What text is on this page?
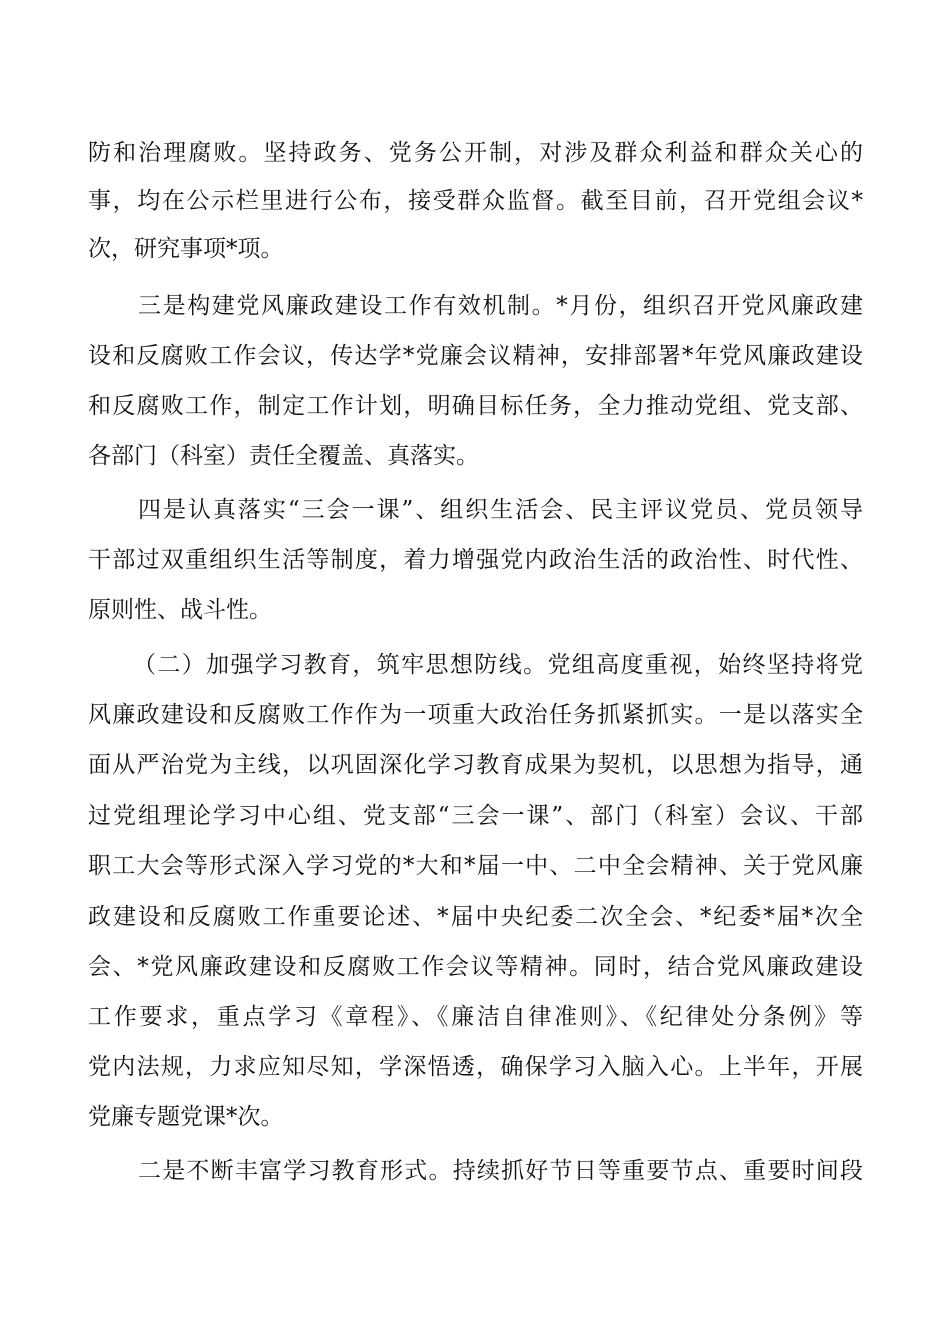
防和治理腐败。坚持政务、党务公开制，对涉及群众利益和群众关心的
事，均在公示栏里进行公布，接受群众监督。截至目前，召开党组会议*
次，研究事项*项。
三是构建党风廉政建设工作有效机制。*月份，组织召开党风廉政建
设和反腐败工作会议，传达学*党廉会议精神，安排部署*年党风廉政建设
和反腐败工作，制定工作计划，明确目标任务，全力推动党组、党支部、
各部门（科室）责任全覆盖、真落实。
四是认真落实“三会一课”、组织生活会、民主评议党员、党员领导
干部过双重组织生活等制度，着力增强党内政治生活的政治性、时代性、
原则性、战斗性。
（二）加强学习教育，筑牢思想防线。党组高度重视，始终坚持将党
风廉政建设和反腐败工作作为一项重大政治任务抓紧抓实。一是以落实全
面从严治党为主线，以巩固深化学习教育成果为契机，以思想为指导，通
过党组理论学习中心组、党支部“三会一课”、部门（科室）会议、干部
职工大会等形式深入学习党的*大和*届一中、二中全会精神、关于党风廉
政建设和反腐败工作重要论述、*届中央纪委二次全会、*纪委*届*次全
会、*党风廉政建设和反腐败工作会议等精神。同时，结合党风廉政建设
工作要求，重点学习《章程》、《廉洁自律准则》、《纪律处分条例》等
党内法规，力求应知尽知，学深悟透，确保学习入脑入心。上半年，开展
党廉专题党课*次。
二是不断丰富学习教育形式。持续抓好节日等重要节点、重要时间段
